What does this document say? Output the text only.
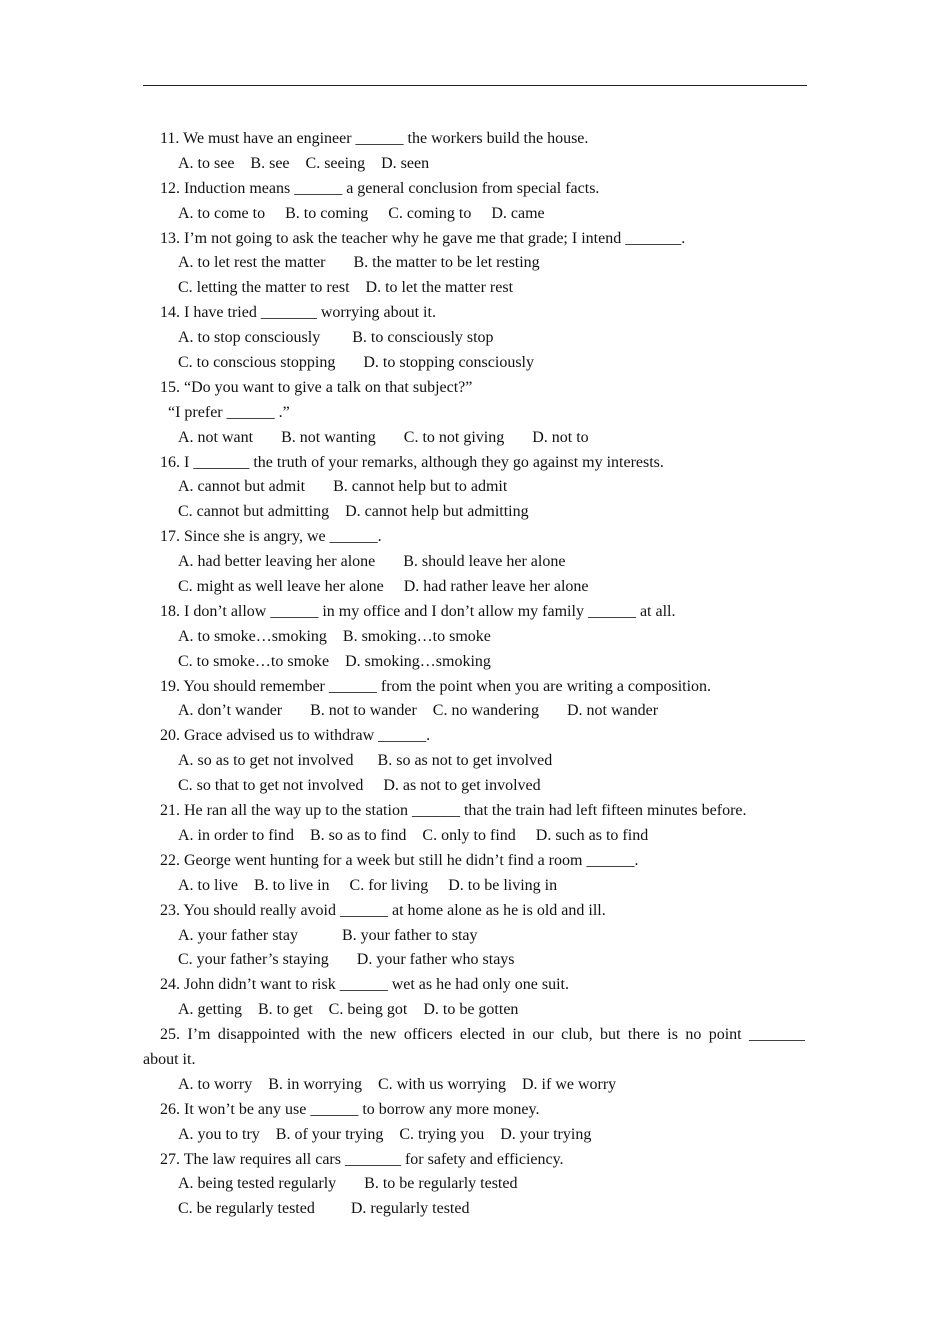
11. We must have an engineer ______ the workers build the house.
A. to see    B. see    C. seeing    D. seen
12. Induction means ______ a general conclusion from special facts.
A. to come to     B. to coming     C. coming to     D. came
13. I’m not going to ask the teacher why he gave me that grade; I intend _______.
A. to let rest the matter       B. the matter to be let resting
C. letting the matter to rest    D. to let the matter rest
14. I have tried _______ worrying about it.
A. to stop consciously        B. to consciously stop
C. to conscious stopping       D. to stopping consciously
15. “Do you want to give a talk on that subject?”
“I prefer ______ .”
A. not want       B. not wanting       C. to not giving       D. not to
16. I _______ the truth of your remarks, although they go against my interests.
A. cannot but admit       B. cannot help but to admit
C. cannot but admitting    D. cannot help but admitting
17. Since she is angry, we ______.
A. had better leaving her alone       B. should leave her alone
C. might as well leave her alone     D. had rather leave her alone
18. I don’t allow ______ in my office and I don’t allow my family ______ at all.
A. to smoke…smoking    B. smoking…to smoke
C. to smoke…to smoke    D. smoking…smoking
19. You should remember ______ from the point when you are writing a composition.
A. don’t wander       B. not to wander    C. no wandering       D. not wander
20. Grace advised us to withdraw ______.
A. so as to get not involved      B. so as not to get involved
C. so that to get not involved     D. as not to get involved
21. He ran all the way up to the station ______ that the train had left fifteen minutes before.
A. in order to find    B. so as to find    C. only to find     D. such as to find
22. George went hunting for a week but still he didn’t find a room ______.
A. to live    B. to live in     C. for living     D. to be living in
23. You should really avoid ______ at home alone as he is old and ill.
A. your father stay           B. your father to stay
C. your father’s staying       D. your father who stays
24. John didn’t want to risk ______ wet as he had only one suit.
A. getting    B. to get    C. being got    D. to be gotten
25. I’m disappointed with the new officers elected in our club, but there is no point _______
about it.
A. to worry    B. in worrying    C. with us worrying    D. if we worry
26. It won’t be any use ______ to borrow any more money.
A. you to try    B. of your trying    C. trying you    D. your trying
27. The law requires all cars _______ for safety and efficiency.
A. being tested regularly       B. to be regularly tested
C. be regularly tested         D. regularly tested
